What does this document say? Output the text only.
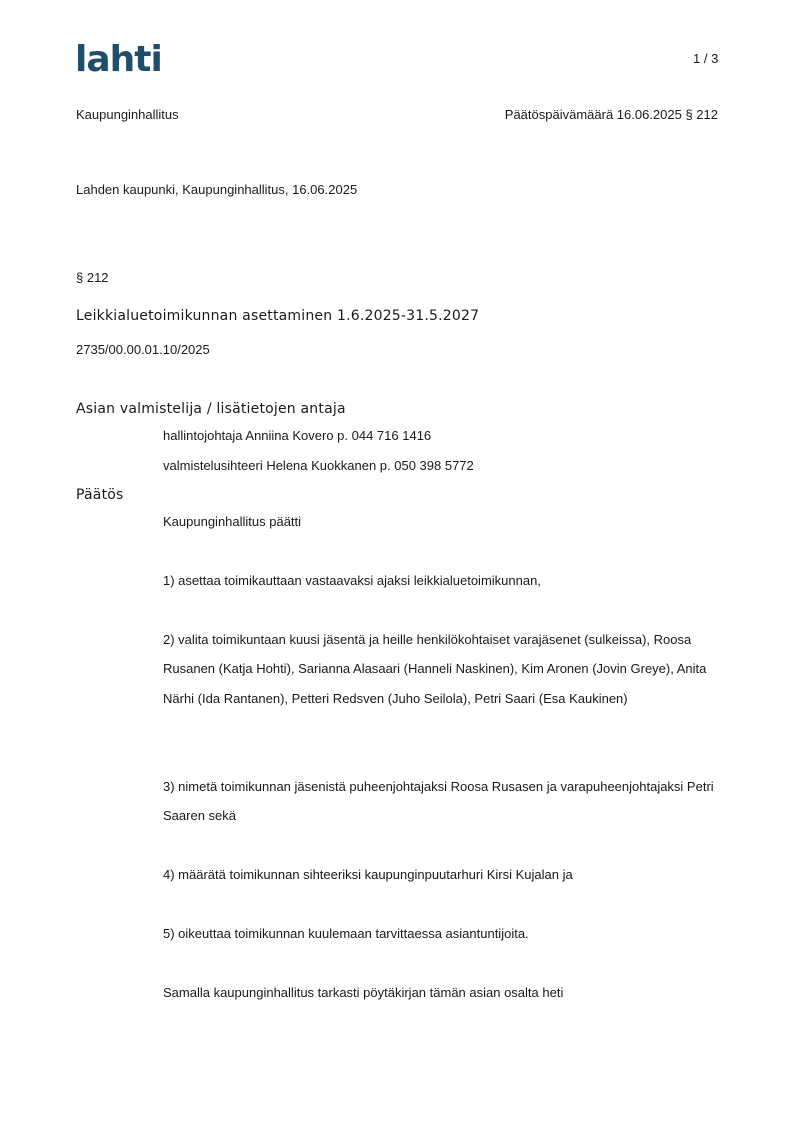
lahti	1 / 3
Kaupunginhallitus	Päätöspäivämäärä 16.06.2025 § 212
Lahden kaupunki, Kaupunginhallitus, 16.06.2025
§ 212
Leikkialuetoimikunnan asettaminen 1.6.2025-31.5.2027
2735/00.00.01.10/2025
Asian valmistelija / lisätietojen antaja
hallintojohtaja Anniina Kovero p. 044 716 1416
valmistelusihteeri Helena Kuokkanen p. 050 398 5772
Päätös
Kaupunginhallitus päätti
1) asettaa toimikauttaan vastaavaksi ajaksi leikkialuetoimikunnan,
2) valita toimikuntaan kuusi jäsentä ja heille henkilökohtaiset varajäsenet (sulkeissa), Roosa Rusanen (Katja Hohti), Sarianna Alasaari (Hanneli Naskinen), Kim Aronen (Jovin Greye), Anita Närhi (Ida Rantanen), Petteri Redsven (Juho Seilola), Petri Saari (Esa Kaukinen)
3) nimetä toimikunnan jäsenistä puheenjohtajaksi Roosa Rusasen ja varapuheenjohtajaksi Petri Saaren sekä
4) määrätä toimikunnan sihteeriksi kaupunginpuutarhuri Kirsi Kujalan ja
5) oikeuttaa toimikunnan kuulemaan tarvittaessa asiantuntijoita.
Samalla kaupunginhallitus tarkasti pöytäkirjan tämän asian osalta heti
